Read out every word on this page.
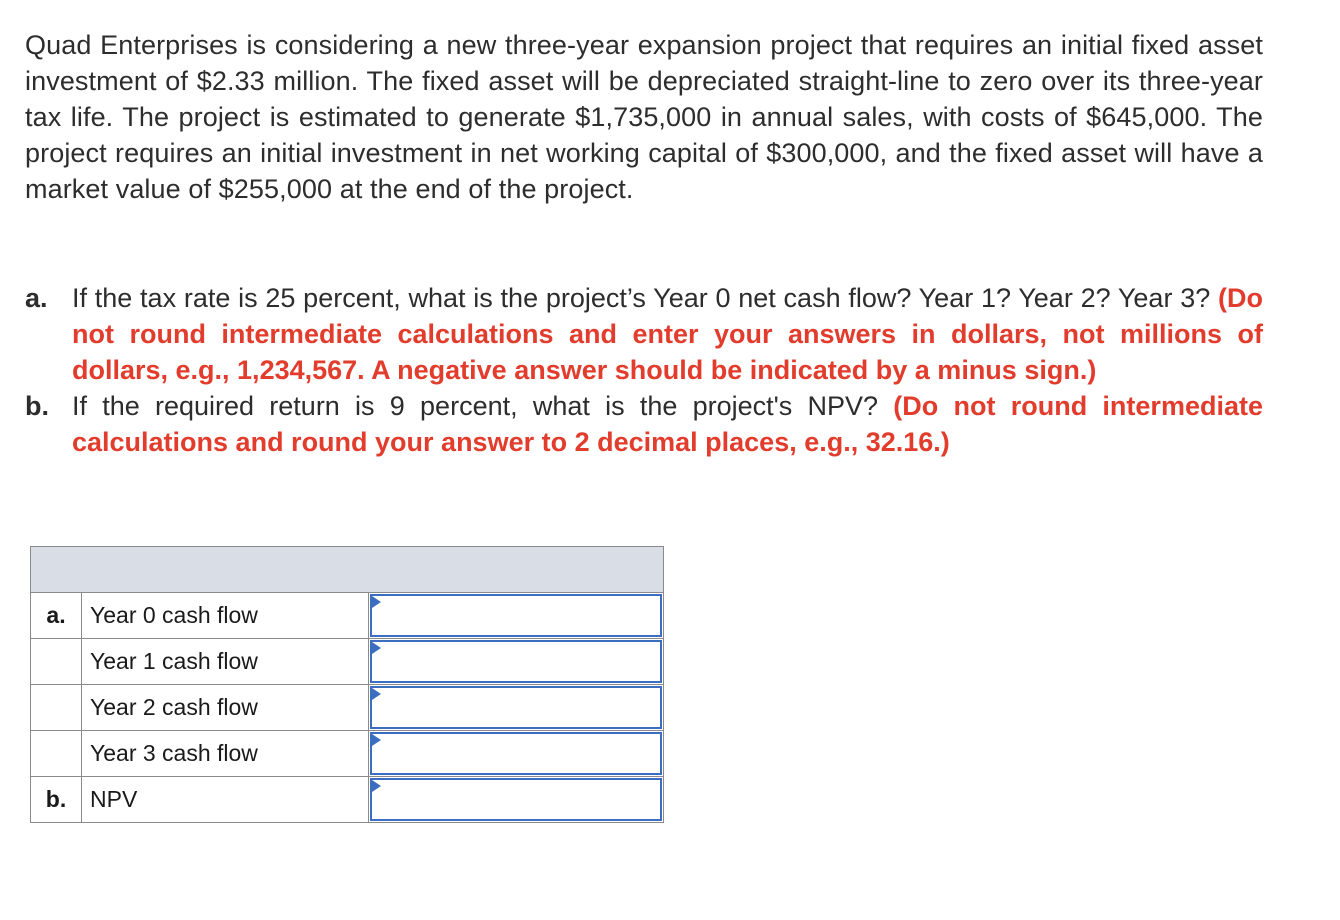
Quad Enterprises is considering a new three-year expansion project that requires an initial fixed asset investment of $2.33 million. The fixed asset will be depreciated straight-line to zero over its three-year tax life. The project is estimated to generate $1,735,000 in annual sales, with costs of $645,000. The project requires an initial investment in net working capital of $300,000, and the fixed asset will have a market value of $255,000 at the end of the project.

a. If the tax rate is 25 percent, what is the project’s Year 0 net cash flow? Year 1? Year 2? Year 3? (Do not round intermediate calculations and enter your answers in dollars, not millions of dollars, e.g., 1,234,567. A negative answer should be indicated by a minus sign.)
b. If the required return is 9 percent, what is the project's NPV? (Do not round intermediate calculations and round your answer to 2 decimal places, e.g., 32.16.)

a.	Year 0 cash flow	

	Year 1 cash flow	

	Year 2 cash flow	

	Year 3 cash flow	

b.	NPV	
